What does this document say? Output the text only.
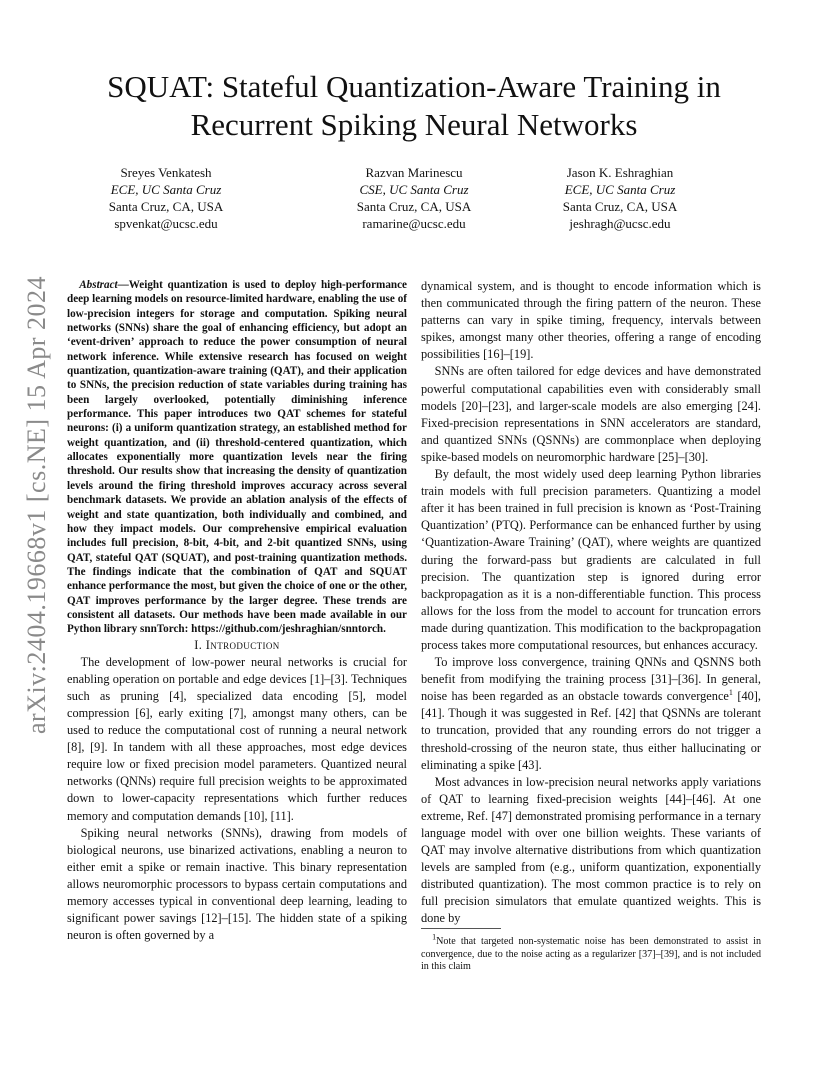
arXiv:2404.19668v1 [cs.NE] 15 Apr 2024
SQUAT: Stateful Quantization-Aware Training in
Recurrent Spiking Neural Networks
Sreyes Venkatesh
ECE, UC Santa Cruz
Santa Cruz, CA, USA
spvenkat@ucsc.edu
Razvan Marinescu
CSE, UC Santa Cruz
Santa Cruz, CA, USA
ramarine@ucsc.edu
Jason K. Eshraghian
ECE, UC Santa Cruz
Santa Cruz, CA, USA
jeshragh@ucsc.edu

Abstract—Weight quantization is used to deploy high-performance deep learning models on resource-limited hardware, enabling the use of low-precision integers for storage and computation. Spiking neural networks (SNNs) share the goal of enhancing efficiency, but adopt an ‘event-driven’ approach to reduce the power consumption of neural network inference. While extensive research has focused on weight quantization, quantization-aware training (QAT), and their application to SNNs, the precision reduction of state variables during training has been largely overlooked, potentially diminishing inference performance. This paper introduces two QAT schemes for stateful neurons: (i) a uniform quantization strategy, an established method for weight quantization, and (ii) threshold-centered quantization, which allocates exponentially more quantization levels near the firing threshold. Our results show that increasing the density of quantization levels around the firing threshold improves accuracy across several benchmark datasets. We provide an ablation analysis of the effects of weight and state quantization, both individually and combined, and how they impact models. Our comprehensive empirical evaluation includes full precision, 8-bit, 4-bit, and 2-bit quantized SNNs, using QAT, stateful QAT (SQUAT), and post-training quantization methods. The findings indicate that the combination of QAT and SQUAT enhance performance the most, but given the choice of one or the other, QAT improves performance by the larger degree. These trends are consistent all datasets. Our methods have been made available in our Python library snnTorch: https://github.com/jeshraghian/snntorch.

I. Introduction

The development of low-power neural networks is crucial for enabling operation on portable and edge devices [1]–[3]. Techniques such as pruning [4], specialized data encoding [5], model compression [6], early exiting [7], amongst many others, can be used to reduce the computational cost of running a neural network [8], [9]. In tandem with all these approaches, most edge devices require low or fixed precision model parameters. Quantized neural networks (QNNs) require full precision weights to be approximated down to lower-capacity representations which further reduces memory and computation demands [10], [11].

Spiking neural networks (SNNs), drawing from models of biological neurons, use binarized activations, enabling a neuron to either emit a spike or remain inactive. This binary representation allows neuromorphic processors to bypass certain computations and memory accesses typical in conventional deep learning, leading to significant power savings [12]–[15]. The hidden state of a spiking neuron is often governed by a

dynamical system, and is thought to encode information which is then communicated through the firing pattern of the neuron. These patterns can vary in spike timing, frequency, intervals between spikes, amongst many other theories, offering a range of encoding possibilities [16]–[19].

SNNs are often tailored for edge devices and have demonstrated powerful computational capabilities even with considerably small models [20]–[23], and larger-scale models are also emerging [24]. Fixed-precision representations in SNN accelerators are standard, and quantized SNNs (QSNNs) are commonplace when deploying spike-based models on neuromorphic hardware [25]–[30].

By default, the most widely used deep learning Python libraries train models with full precision parameters. Quantizing a model after it has been trained in full precision is known as ‘Post-Training Quantization’ (PTQ). Performance can be enhanced further by using ‘Quantization-Aware Training’ (QAT), where weights are quantized during the forward-pass but gradients are calculated in full precision. The quantization step is ignored during error backpropagation as it is a non-differentiable function. This process allows for the loss from the model to account for truncation errors made during quantization. This modification to the backpropagation process takes more computational resources, but enhances accuracy.

To improve loss convergence, training QNNs and QSNNS both benefit from modifying the training process [31]–[36]. In general, noise has been regarded as an obstacle towards convergence$^1$ [40], [41]. Though it was suggested in Ref. [42] that QSNNs are tolerant to truncation, provided that any rounding errors do not trigger a threshold-crossing of the neuron state, thus either hallucinating or eliminating a spike [43].

Most advances in low-precision neural networks apply variations of QAT to learning fixed-precision weights [44]–[46]. At one extreme, Ref. [47] demonstrated promising performance in a ternary language model with over one billion weights. These variants of QAT may involve alternative distributions from which quantization levels are sampled from (e.g., uniform quantization, exponentially distributed quantization). The most common practice is to rely on full precision simulators that emulate quantized weights. This is done by

$^1$Note that targeted non-systematic noise has been demonstrated to assist in convergence, due to the noise acting as a regularizer [37]–[39], and is not included in this claim
